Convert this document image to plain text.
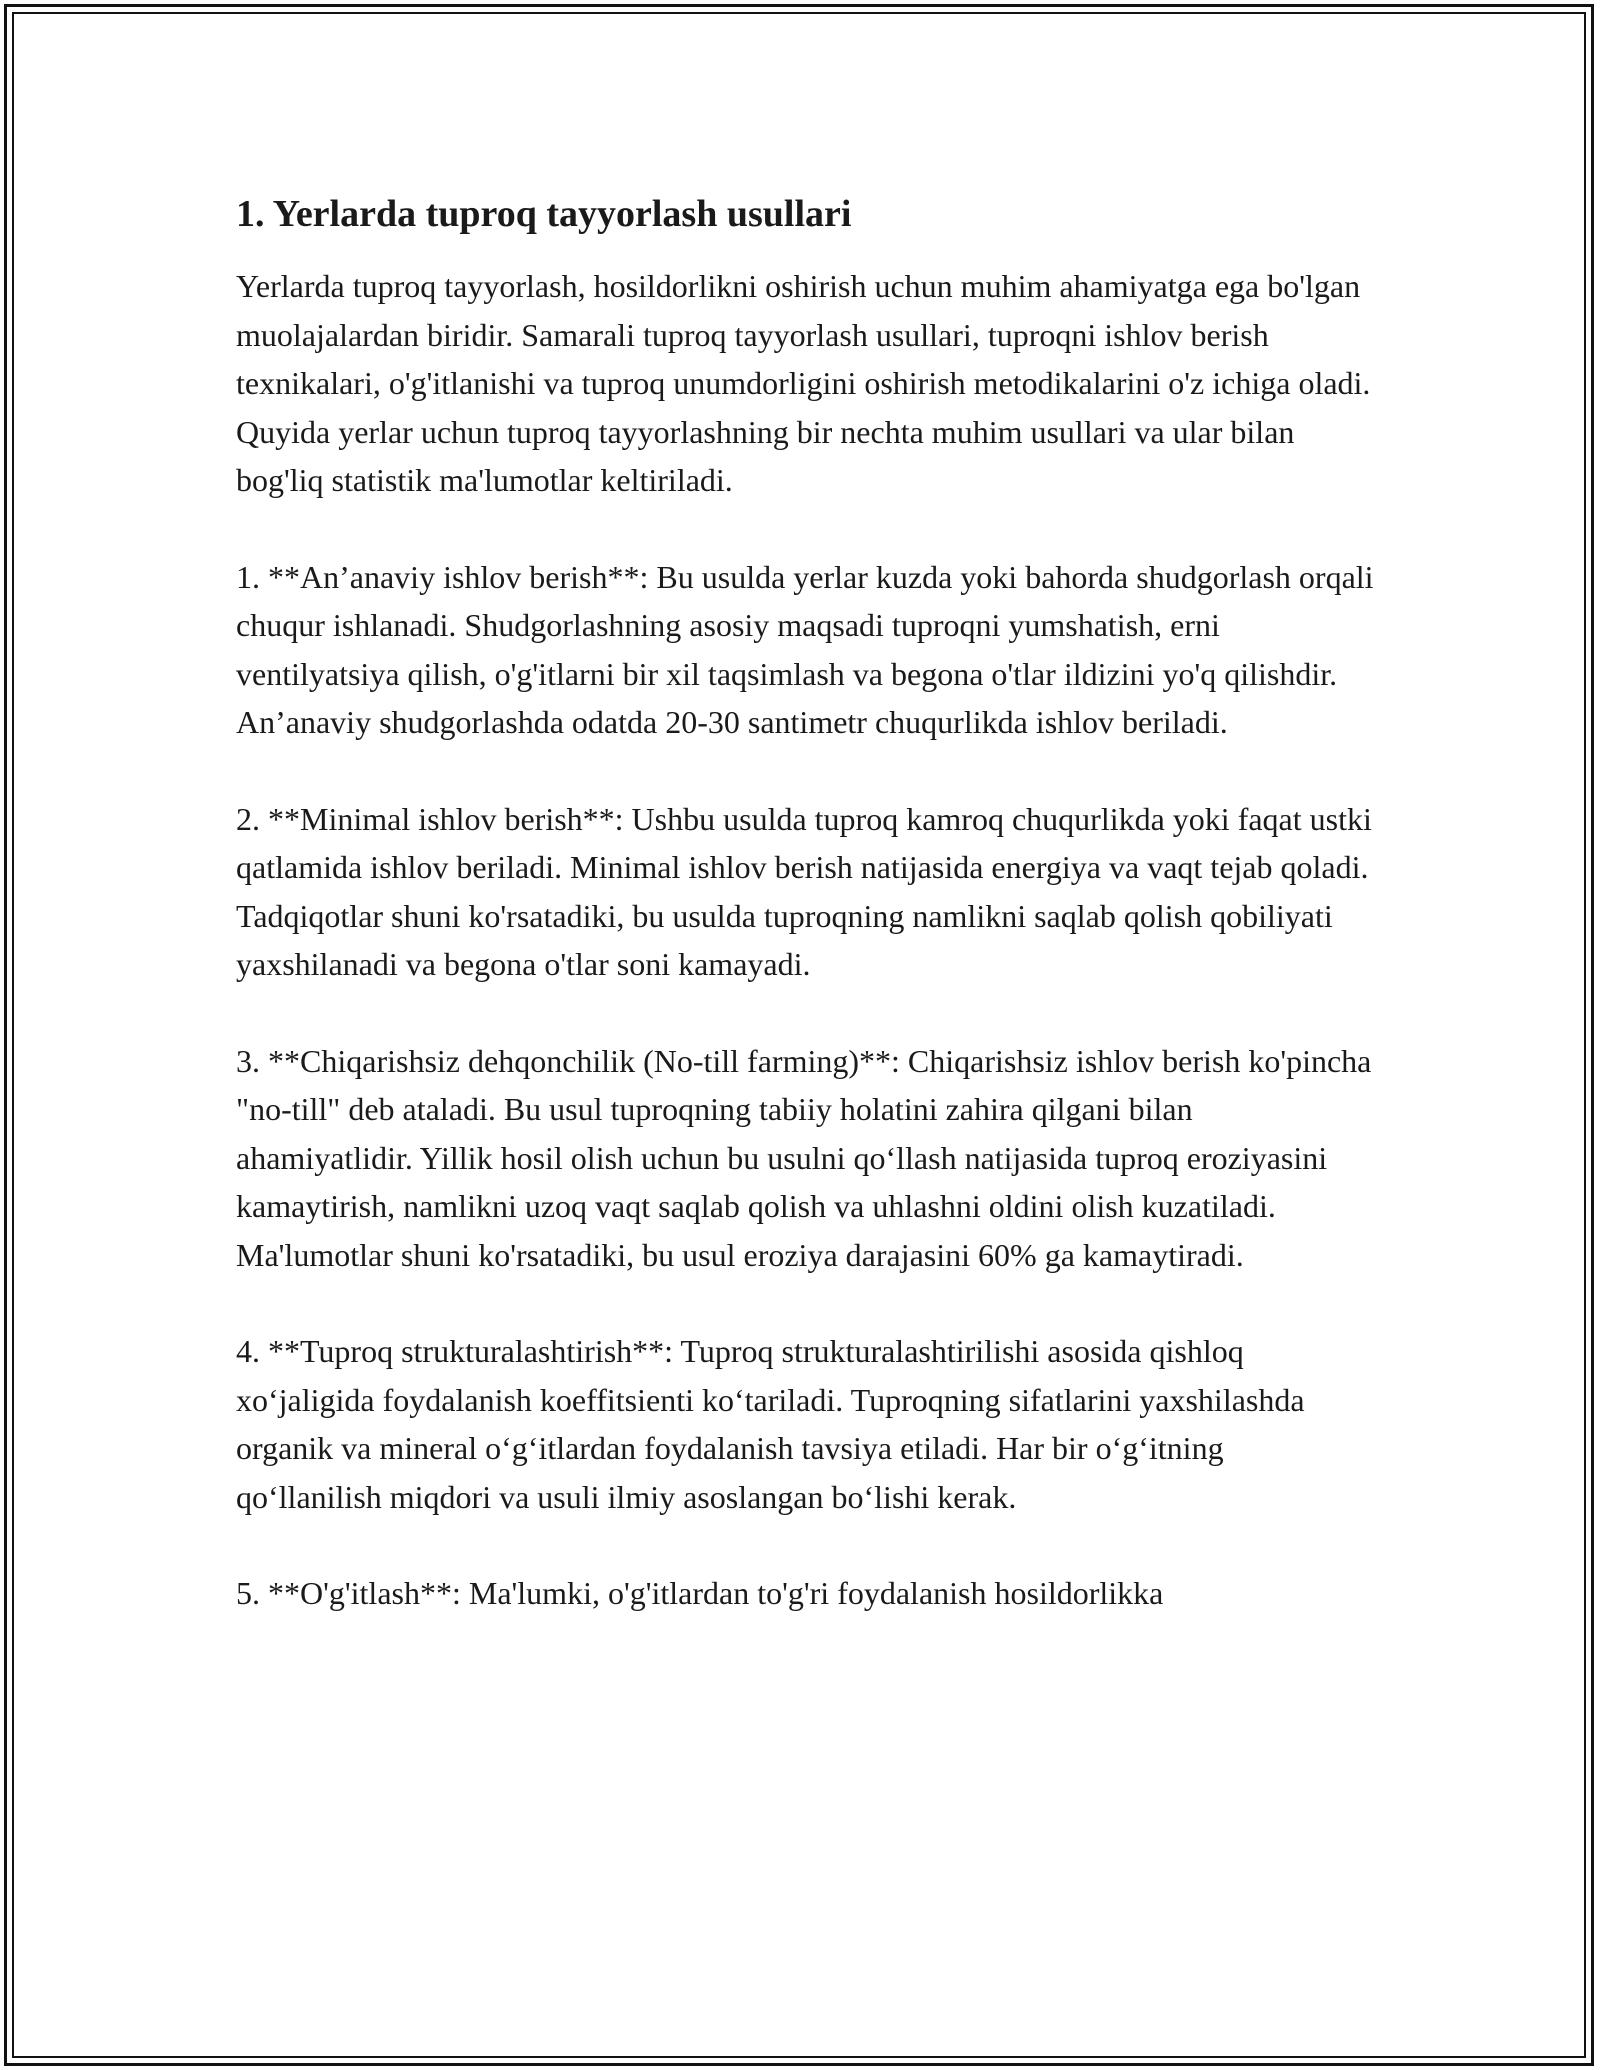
1. Yerlarda tuproq tayyorlash usullari

Yerlarda tuproq tayyorlash, hosildorlikni oshirish uchun muhim ahamiyatga ega bo'lgan muolajalardan biridir. Samarali tuproq tayyorlash usullari, tuproqni ishlov berish texnikalari, o'g'itlanishi va tuproq unumdorligini oshirish metodikalarini o'z ichiga oladi. Quyida yerlar uchun tuproq tayyorlashning bir nechta muhim usullari va ular bilan bog'liq statistik ma'lumotlar keltiriladi.

1. **An’anaviy ishlov berish**: Bu usulda yerlar kuzda yoki bahorda shudgorlash orqali chuqur ishlanadi. Shudgorlashning asosiy maqsadi tuproqni yumshatish, erni ventilyatsiya qilish, o'g'itlarni bir xil taqsimlash va begona o'tlar ildizini yo'q qilishdir. An’anaviy shudgorlashda odatda 20-30 santimetr chuqurlikda ishlov beriladi.

2. **Minimal ishlov berish**: Ushbu usulda tuproq kamroq chuqurlikda yoki faqat ustki qatlamida ishlov beriladi. Minimal ishlov berish natijasida energiya va vaqt tejab qoladi. Tadqiqotlar shuni ko'rsatadiki, bu usulda tuproqning namlikni saqlab qolish qobiliyati yaxshilanadi va begona o'tlar soni kamayadi.

3. **Chiqarishsiz dehqonchilik (No-till farming)**: Chiqarishsiz ishlov berish ko'pincha "no-till" deb ataladi. Bu usul tuproqning tabiiy holatini zahira qilgani bilan ahamiyatlidir. Yillik hosil olish uchun bu usulni qo‘llash natijasida tuproq eroziyasini kamaytirish, namlikni uzoq vaqt saqlab qolish va uhlashni oldini olish kuzatiladi. Ma'lumotlar shuni ko'rsatadiki, bu usul eroziya darajasini 60% ga kamaytiradi.

4. **Tuproq strukturalashtirish**: Tuproq strukturalashtirilishi asosida qishloq xo‘jaligida foydalanish koeffitsienti ko‘tariladi. Tuproqning sifatlarini yaxshilashda organik va mineral o‘g‘itlardan foydalanish tavsiya etiladi. Har bir o‘g‘itning qo‘llanilish miqdori va usuli ilmiy asoslangan bo‘lishi kerak.

5. **O'g'itlash**: Ma'lumki, o'g'itlardan to'g'ri foydalanish hosildorlikka
